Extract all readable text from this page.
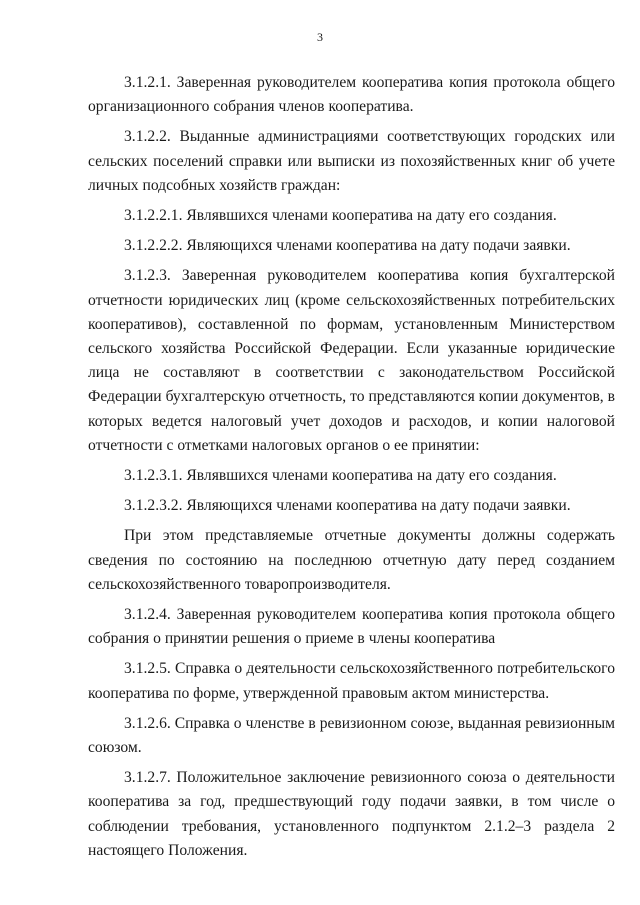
3

3.1.2.1. Заверенная руководителем кооператива копия протокола общего организационного собрания членов кооператива.

3.1.2.2. Выданные администрациями соответствующих городских или сельских поселений справки или выписки из похозяйственных книг об учете личных подсобных хозяйств граждан:

3.1.2.2.1. Являвшихся членами кооператива на дату его создания.

3.1.2.2.2. Являющихся членами кооператива на дату подачи заявки.

3.1.2.3. Заверенная руководителем кооператива копия бухгалтерской отчетности юридических лиц (кроме сельскохозяйственных потребительских кооперативов), составленной по формам, установленным Министерством сельского хозяйства Российской Федерации. Если указанные юридические лица не составляют в соответствии с законодательством Российской Федерации бухгалтерскую отчетность, то представляются копии документов, в которых ведется налоговый учет доходов и расходов, и копии налоговой отчетности с отметками налоговых органов о ее принятии:

3.1.2.3.1. Являвшихся членами кооператива на дату его создания.

3.1.2.3.2. Являющихся членами кооператива на дату подачи заявки.

При этом представляемые отчетные документы должны содержать сведения по состоянию на последнюю отчетную дату перед созданием сельскохозяйственного товаропроизводителя.

3.1.2.4. Заверенная руководителем кооператива копия протокола общего собрания о принятии решения о приеме в члены кооператива

3.1.2.5. Справка о деятельности сельскохозяйственного потребительского кооператива по форме, утвержденной правовым актом министерства.

3.1.2.6. Справка о членстве в ревизионном союзе, выданная ревизионным союзом.

3.1.2.7. Положительное заключение ревизионного союза о деятельности кооператива за год, предшествующий году подачи заявки, в том числе о соблюдении требования, установленного подпунктом 2.1.2–3 раздела 2 настоящего Положения.
